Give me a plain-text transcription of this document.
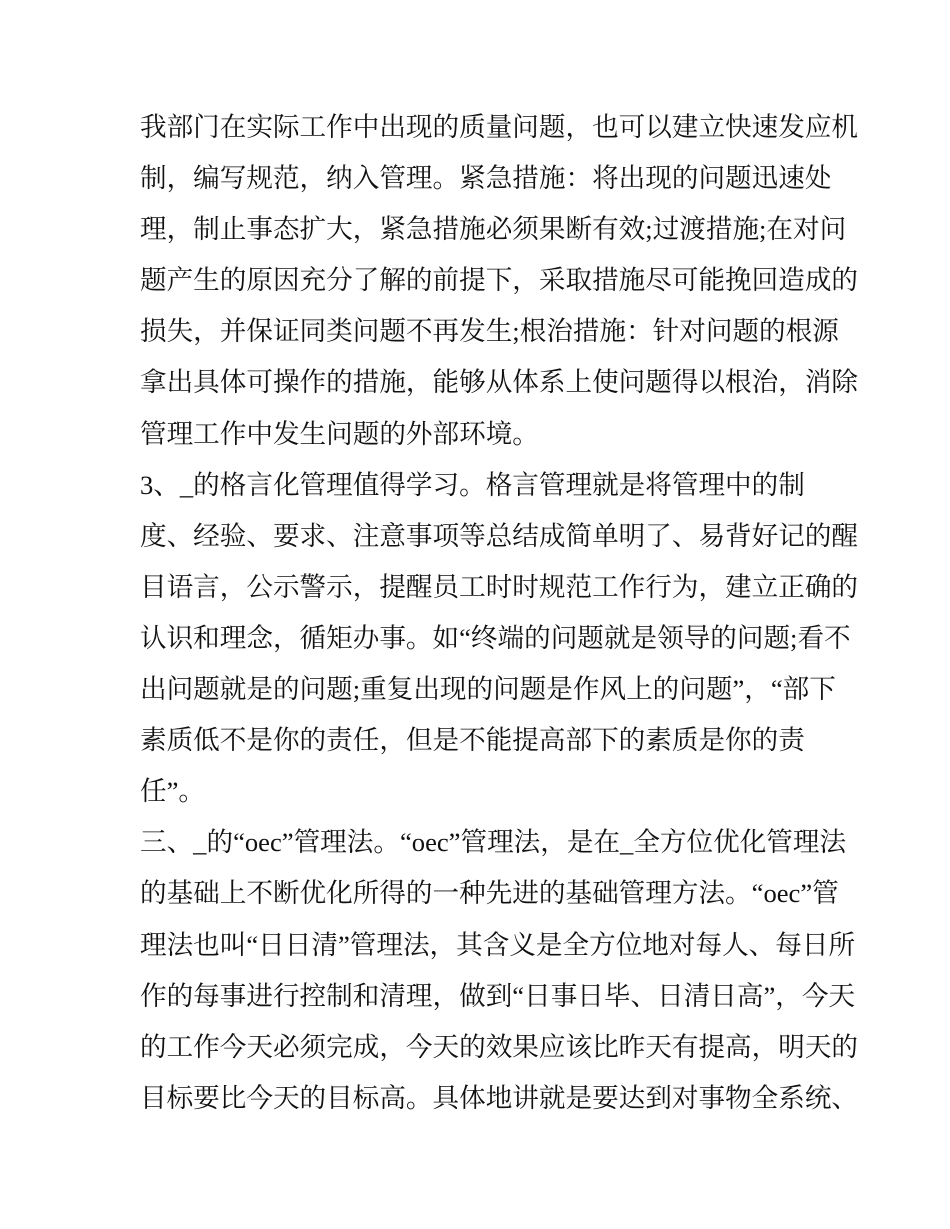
我部门在实际工作中出现的质量问题，也可以建立快速发应机
制，编写规范，纳入管理。紧急措施：将出现的问题迅速处
理，制止事态扩大，紧急措施必须果断有效;过渡措施;在对问
题产生的原因充分了解的前提下，采取措施尽可能挽回造成的
损失，并保证同类问题不再发生;根治措施：针对问题的根源
拿出具体可操作的措施，能够从体系上使问题得以根治，消除
管理工作中发生问题的外部环境。
3、_的格言化管理值得学习。格言管理就是将管理中的制
度、经验、要求、注意事项等总结成简单明了、易背好记的醒
目语言，公示警示，提醒员工时时规范工作行为，建立正确的
认识和理念，循矩办事。如“终端的问题就是领导的问题;看不
出问题就是的问题;重复出现的问题是作风上的问题”，“部下
素质低不是你的责任，但是不能提高部下的素质是你的责
任”。
三、_的“oec”管理法。“oec”管理法，是在_全方位优化管理法
的基础上不断优化所得的一种先进的基础管理方法。“oec”管
理法也叫“日日清”管理法，其含义是全方位地对每人、每日所
作的每事进行控制和清理，做到“日事日毕、日清日高”，今天
的工作今天必须完成，今天的效果应该比昨天有提高，明天的
目标要比今天的目标高。具体地讲就是要达到对事物全系统、
